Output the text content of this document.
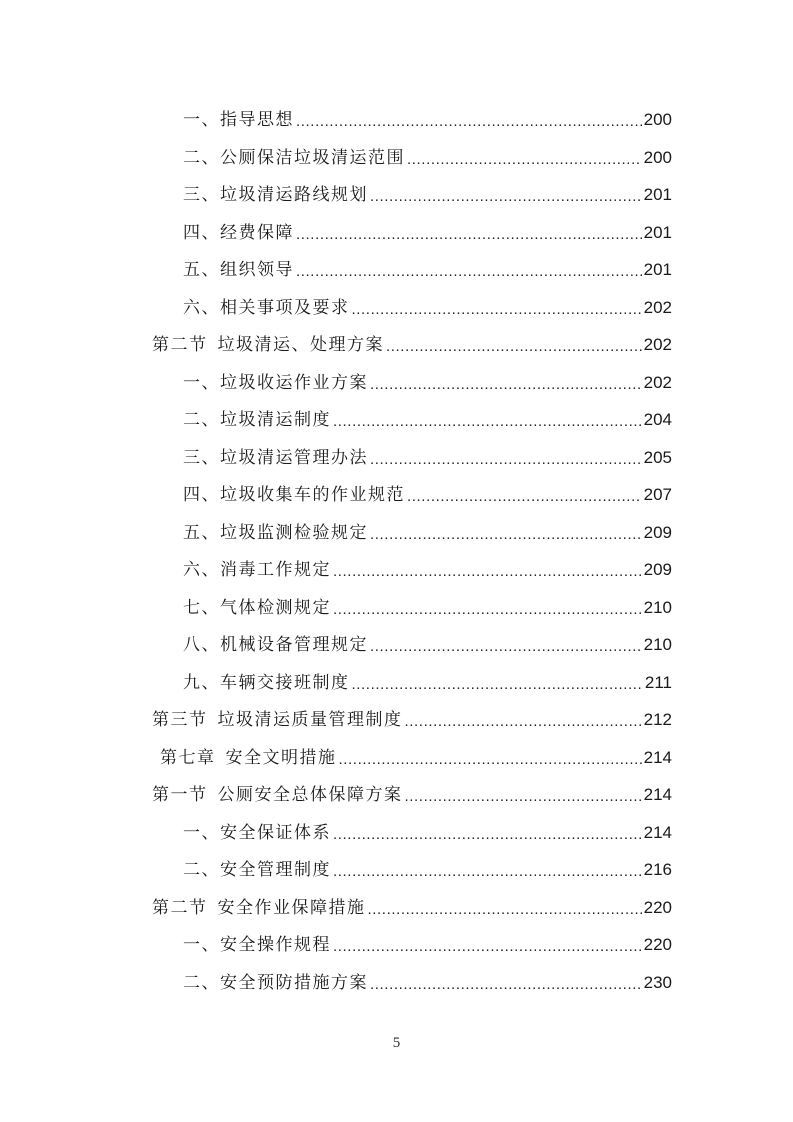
一、指导思想 .....	200
二、公厕保洁垃圾清运范围 .....	200
三、垃圾清运路线规划 .....	201
四、经费保障 .....	201
五、组织领导 .....	201
六、相关事项及要求 .....	202
第二节 垃圾清运、处理方案 .....	202
一、垃圾收运作业方案 .....	202
二、垃圾清运制度 .....	204
三、垃圾清运管理办法 .....	205
四、垃圾收集车的作业规范 .....	207
五、垃圾监测检验规定 .....	209
六、消毒工作规定 .....	209
七、气体检测规定 .....	210
八、机械设备管理规定 .....	210
九、车辆交接班制度 .....	211
第三节 垃圾清运质量管理制度 .....	212
第七章 安全文明措施 .....	214
第一节 公厕安全总体保障方案 .....	214
一、安全保证体系 .....	214
二、安全管理制度 .....	216
第二节 安全作业保障措施 .....	220
一、安全操作规程 .....	220
二、安全预防措施方案 .....	230
5
